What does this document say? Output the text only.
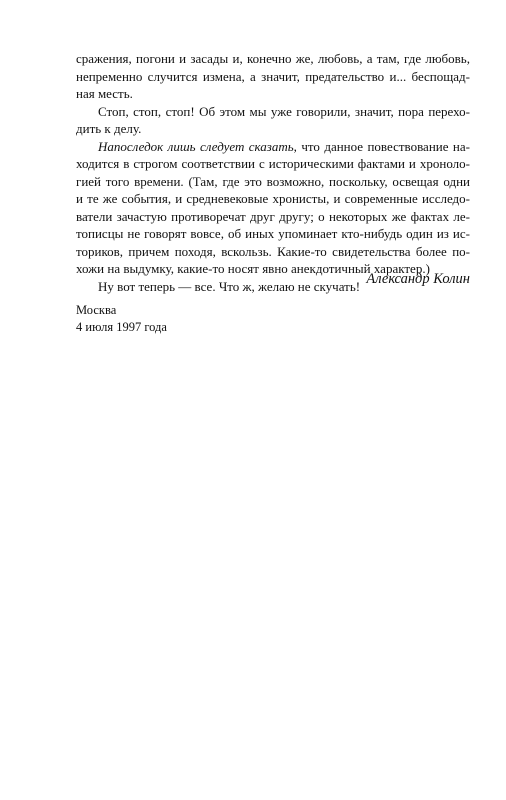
сражения, погони и засады и, конечно же, любовь, а там, где любовь,
непременно случится измена, а значит, предательство и... беспощад-
ная месть.
Стоп, стоп, стоп! Об этом мы уже говорили, значит, пора перехо-
дить к делу.
Напоследок лишь следует сказать, что данное повествование на-
ходится в строгом соответствии с историческими фактами и хроноло-
гией того времени. (Там, где это возможно, поскольку, освещая одни
и те же события, и средневековые хронисты, и современные исследо-
ватели зачастую противоречат друг другу; о некоторых же фактах ле-
тописцы не говорят вовсе, об иных упоминает кто-нибудь один из ис-
ториков, причем походя, вскользь. Какие-то свидетельства более по-
хожи на выдумку, какие-то носят явно анекдотичный характер.)
Ну вот теперь — все. Что ж, желаю не скучать! Александр Колин
Москва
4 июля 1997 года
